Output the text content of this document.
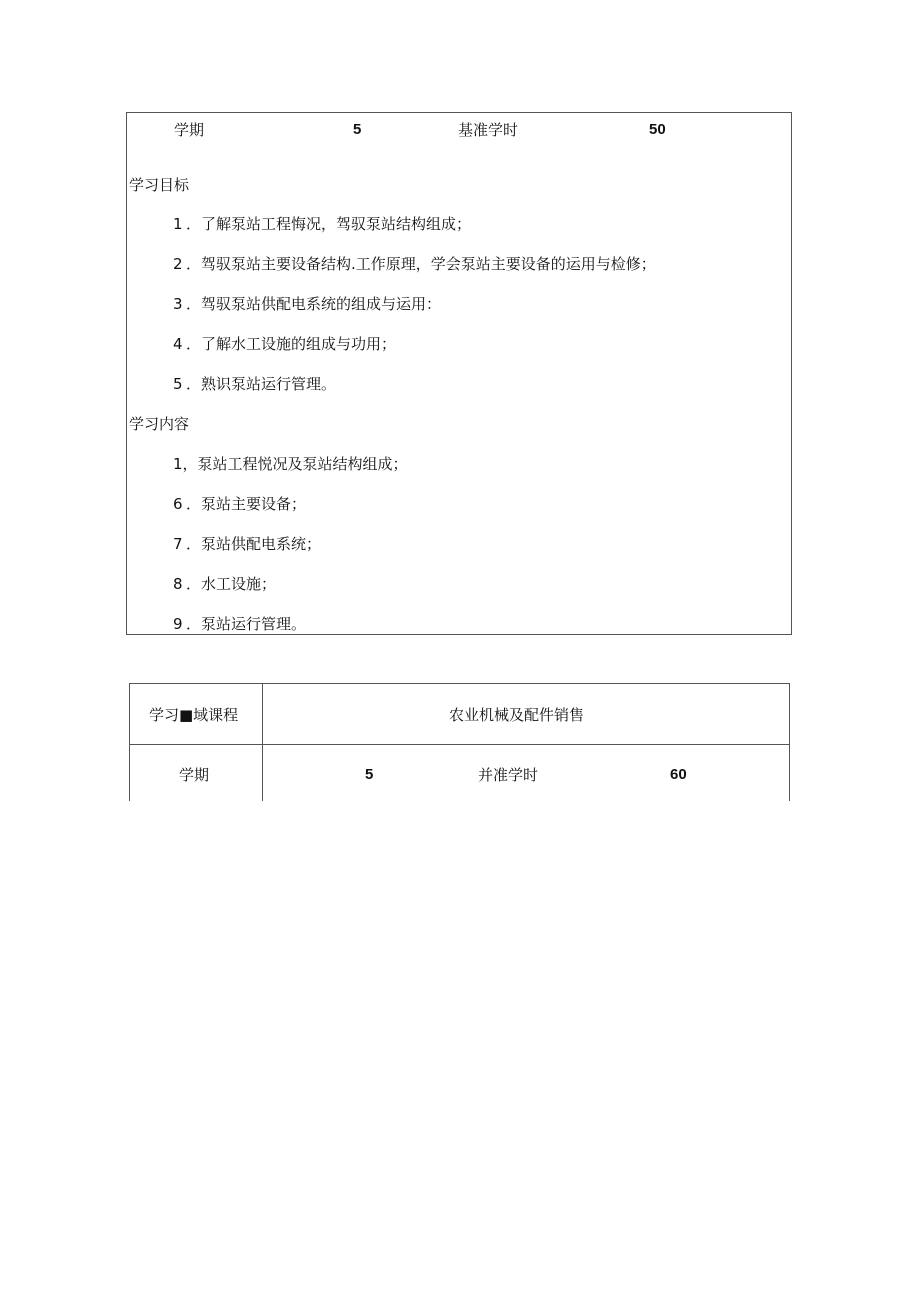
学期	5	基准学时	50
学习目标
1 ．了解泵站工程悔况，驾驭泵站结构组成；
2 ．驾驭泵站主要设备结构.工作原理，学会泵站主要设备的运用与检修；
3 ．驾驭泵站供配电系统的组成与运用：
4 ．了解水工设施的组成与功用；
5 ．熟识泵站运行管理。
学习内容
1，泵站工程悦况及泵站结构组成；
6 ．泵站主要设备；
7 ．泵站供配电系统；
8 ．水工设施；
9 ．泵站运行管理。
学习■域课程	农业机械及配件销售
学期	5	并准学时	60
